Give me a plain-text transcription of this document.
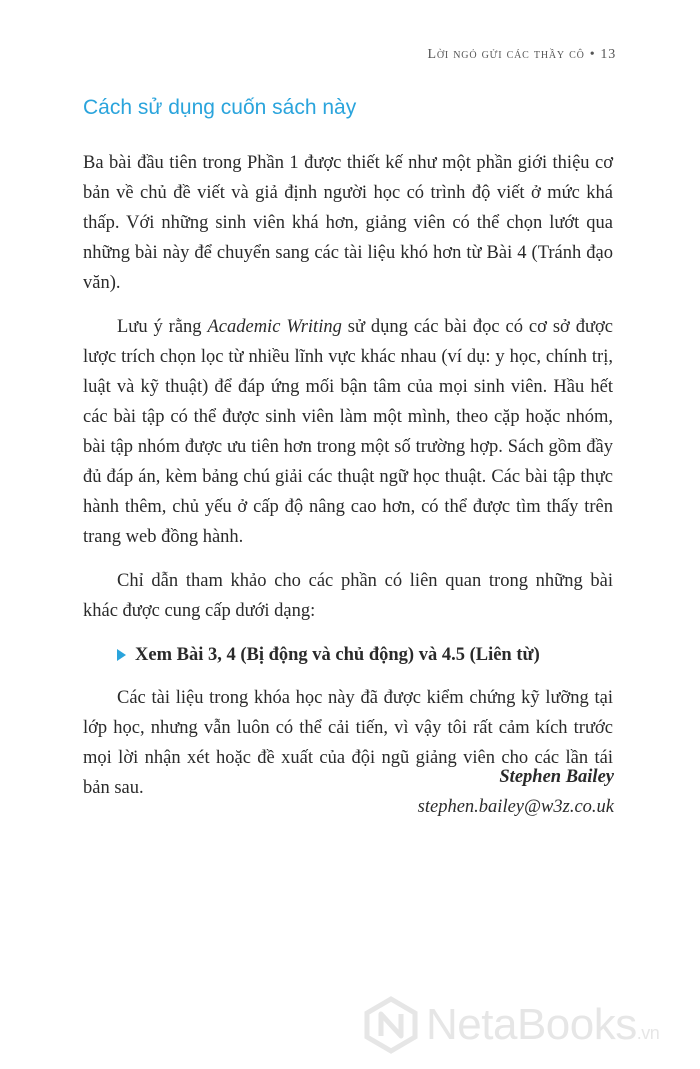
Lời ngỏ gửi các thầy cô • 13
Cách sử dụng cuốn sách này

Ba bài đầu tiên trong Phần 1 được thiết kế như một phần giới thiệu cơ bản về chủ đề viết và giả định người học có trình độ viết ở mức khá thấp. Với những sinh viên khá hơn, giảng viên có thể chọn lướt qua những bài này để chuyển sang các tài liệu khó hơn từ Bài 4 (Tránh đạo văn).

Lưu ý rằng Academic Writing sử dụng các bài đọc có cơ sở được lược trích chọn lọc từ nhiều lĩnh vực khác nhau (ví dụ: y học, chính trị, luật và kỹ thuật) để đáp ứng mối bận tâm của mọi sinh viên. Hầu hết các bài tập có thể được sinh viên làm một mình, theo cặp hoặc nhóm, bài tập nhóm được ưu tiên hơn trong một số trường hợp. Sách gồm đầy đủ đáp án, kèm bảng chú giải các thuật ngữ học thuật. Các bài tập thực hành thêm, chủ yếu ở cấp độ nâng cao hơn, có thể được tìm thấy trên trang web đồng hành.

Chỉ dẫn tham khảo cho các phần có liên quan trong những bài khác được cung cấp dưới dạng:

Xem Bài 3, 4 (Bị động và chủ động) và 4.5 (Liên từ)

Các tài liệu trong khóa học này đã được kiểm chứng kỹ lưỡng tại lớp học, nhưng vẫn luôn có thể cải tiến, vì vậy tôi rất cảm kích trước mọi lời nhận xét hoặc đề xuất của đội ngũ giảng viên cho các lần tái bản sau.

Stephen Bailey
stephen.bailey@w3z.co.uk
NetaBooks.vn
